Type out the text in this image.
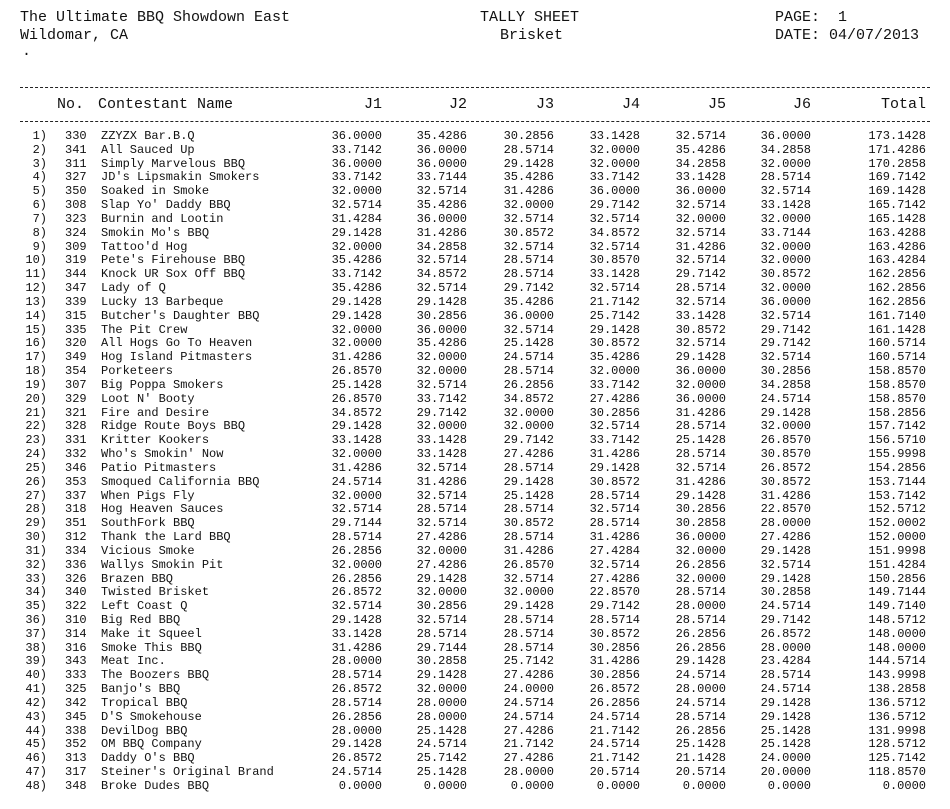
The Ultimate BBQ Showdown East
Wildomar, CA
.
TALLY SHEET
Brisket
PAGE:  1
DATE: 04/07/2013
No. Contestant Name	J1	J2	J3	J4	J5	J6	Total
1) 330 ZZYZX Bar.B.Q	36.0000	35.4286	30.2856	33.1428	32.5714	36.0000	173.1428
2) 341 All Sauced Up	33.7142	36.0000	28.5714	32.0000	35.4286	34.2858	171.4286
3) 311 Simply Marvelous BBQ	36.0000	36.0000	29.1428	32.0000	34.2858	32.0000	170.2858
4) 327 JD's Lipsmakin Smokers	33.7142	33.7144	35.4286	33.7142	33.1428	28.5714	169.7142
5) 350 Soaked in Smoke	32.0000	32.5714	31.4286	36.0000	36.0000	32.5714	169.1428
6) 308 Slap Yo' Daddy BBQ	32.5714	35.4286	32.0000	29.7142	32.5714	33.1428	165.7142
7) 323 Burnin and Lootin	31.4284	36.0000	32.5714	32.5714	32.0000	32.0000	165.1428
8) 324 Smokin Mo's BBQ	29.1428	31.4286	30.8572	34.8572	32.5714	33.7144	163.4288
9) 309 Tattoo'd Hog	32.0000	34.2858	32.5714	32.5714	31.4286	32.0000	163.4286
10) 319 Pete's Firehouse BBQ	35.4286	32.5714	28.5714	30.8570	32.5714	32.0000	163.4284
11) 344 Knock UR Sox Off BBQ	33.7142	34.8572	28.5714	33.1428	29.7142	30.8572	162.2856
12) 347 Lady of Q	35.4286	32.5714	29.7142	32.5714	28.5714	32.0000	162.2856
13) 339 Lucky 13 Barbeque	29.1428	29.1428	35.4286	21.7142	32.5714	36.0000	162.2856
14) 315 Butcher's Daughter BBQ	29.1428	30.2856	36.0000	25.7142	33.1428	32.5714	161.7140
15) 335 The Pit Crew	32.0000	36.0000	32.5714	29.1428	30.8572	29.7142	161.1428
16) 320 All Hogs Go To Heaven	32.0000	35.4286	25.1428	30.8572	32.5714	29.7142	160.5714
17) 349 Hog Island Pitmasters	31.4286	32.0000	24.5714	35.4286	29.1428	32.5714	160.5714
18) 354 Porketeers	26.8570	32.0000	28.5714	32.0000	36.0000	30.2856	158.8570
19) 307 Big Poppa Smokers	25.1428	32.5714	26.2856	33.7142	32.0000	34.2858	158.8570
20) 329 Loot N' Booty	26.8570	33.7142	34.8572	27.4286	36.0000	24.5714	158.8570
21) 321 Fire and Desire	34.8572	29.7142	32.0000	30.2856	31.4286	29.1428	158.2856
22) 328 Ridge Route Boys BBQ	29.1428	32.0000	32.0000	32.5714	28.5714	32.0000	157.7142
23) 331 Kritter Kookers	33.1428	33.1428	29.7142	33.7142	25.1428	26.8570	156.5710
24) 332 Who's Smokin' Now	32.0000	33.1428	27.4286	31.4286	28.5714	30.8570	155.9998
25) 346 Patio Pitmasters	31.4286	32.5714	28.5714	29.1428	32.5714	26.8572	154.2856
26) 353 Smoqued California BBQ	24.5714	31.4286	29.1428	30.8572	31.4286	30.8572	153.7144
27) 337 When Pigs Fly	32.0000	32.5714	25.1428	28.5714	29.1428	31.4286	153.7142
28) 318 Hog Heaven Sauces	32.5714	28.5714	28.5714	32.5714	30.2856	22.8570	152.5712
29) 351 SouthFork BBQ	29.7144	32.5714	30.8572	28.5714	30.2858	28.0000	152.0002
30) 312 Thank the Lard BBQ	28.5714	27.4286	28.5714	31.4286	36.0000	27.4286	152.0000
31) 334 Vicious Smoke	26.2856	32.0000	31.4286	27.4284	32.0000	29.1428	151.9998
32) 336 Wallys Smokin Pit	32.0000	27.4286	26.8570	32.5714	26.2856	32.5714	151.4284
33) 326 Brazen BBQ	26.2856	29.1428	32.5714	27.4286	32.0000	29.1428	150.2856
34) 340 Twisted Brisket	26.8572	32.0000	32.0000	22.8570	28.5714	30.2858	149.7144
35) 322 Left Coast Q	32.5714	30.2856	29.1428	29.7142	28.0000	24.5714	149.7140
36) 310 Big Red BBQ	29.1428	32.5714	28.5714	28.5714	28.5714	29.7142	148.5712
37) 314 Make it Squeel	33.1428	28.5714	28.5714	30.8572	26.2856	26.8572	148.0000
38) 316 Smoke This BBQ	31.4286	29.7144	28.5714	30.2856	26.2856	28.0000	148.0000
39) 343 Meat Inc.	28.0000	30.2858	25.7142	31.4286	29.1428	23.4284	144.5714
40) 333 The Boozers BBQ	28.5714	29.1428	27.4286	30.2856	24.5714	28.5714	143.9998
41) 325 Banjo's BBQ	26.8572	32.0000	24.0000	26.8572	28.0000	24.5714	138.2858
42) 342 Tropical BBQ	28.5714	28.0000	24.5714	26.2856	24.5714	29.1428	136.5712
43) 345 D'S Smokehouse	26.2856	28.0000	24.5714	24.5714	28.5714	29.1428	136.5712
44) 338 DevilDog BBQ	28.0000	25.1428	27.4286	21.7142	26.2856	25.1428	131.9998
45) 352 OM BBQ Company	29.1428	24.5714	21.7142	24.5714	25.1428	25.1428	128.5712
46) 313 Daddy O's BBQ	26.8572	25.7142	27.4286	21.7142	21.1428	24.0000	125.7142
47) 317 Steiner's Original Brand	24.5714	25.1428	28.0000	20.5714	20.5714	20.0000	118.8570
48) 348 Broke Dudes BBQ	0.0000	0.0000	0.0000	0.0000	0.0000	0.0000	0.0000
